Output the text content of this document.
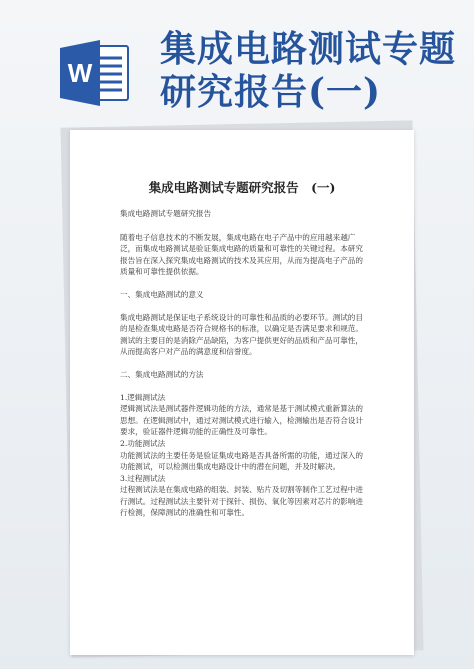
W
集成电路测试专题研究报告(一)
集成电路测试专题研究报告　(一)

集成电路测试专题研究报告

随着电子信息技术的不断发展，集成电路在电子产品中的应用越来越广泛，而集成电路测试是验证集成电路的质量和可靠性的关键过程。本研究报告旨在深入探究集成电路测试的技术及其应用，从而为提高电子产品的质量和可靠性提供依据。

一、集成电路测试的意义

集成电路测试是保证电子系统设计的可靠性和品质的必要环节。测试的目的是检查集成电路是否符合规格书的标准，以确定是否满足要求和规范。测试的主要目的是消除产品缺陷，为客户提供更好的品质和产品可靠性，从而提高客户对产品的满意度和信誉度。

二、集成电路测试的方法

1.逻辑测试法

逻辑测试法是测试器件逻辑功能的方法，通常是基于测试模式重新算法的思想。在逻辑测试中，通过对测试模式进行输入，检测输出是否符合设计要求，验证器件逻辑功能的正确性及可靠性。

2.功能测试法

功能测试法的主要任务是验证集成电路是否具备所需的功能，通过深入的功能测试，可以检测出集成电路设计中的潜在问题，并及时解决。

3.过程测试法

过程测试法是在集成电路的组装、封装、贴片及切割等制作工艺过程中进行测试。过程测试法主要针对于探针、损伤、氧化等因素对芯片的影响进行检测，保障测试的准确性和可靠性。
